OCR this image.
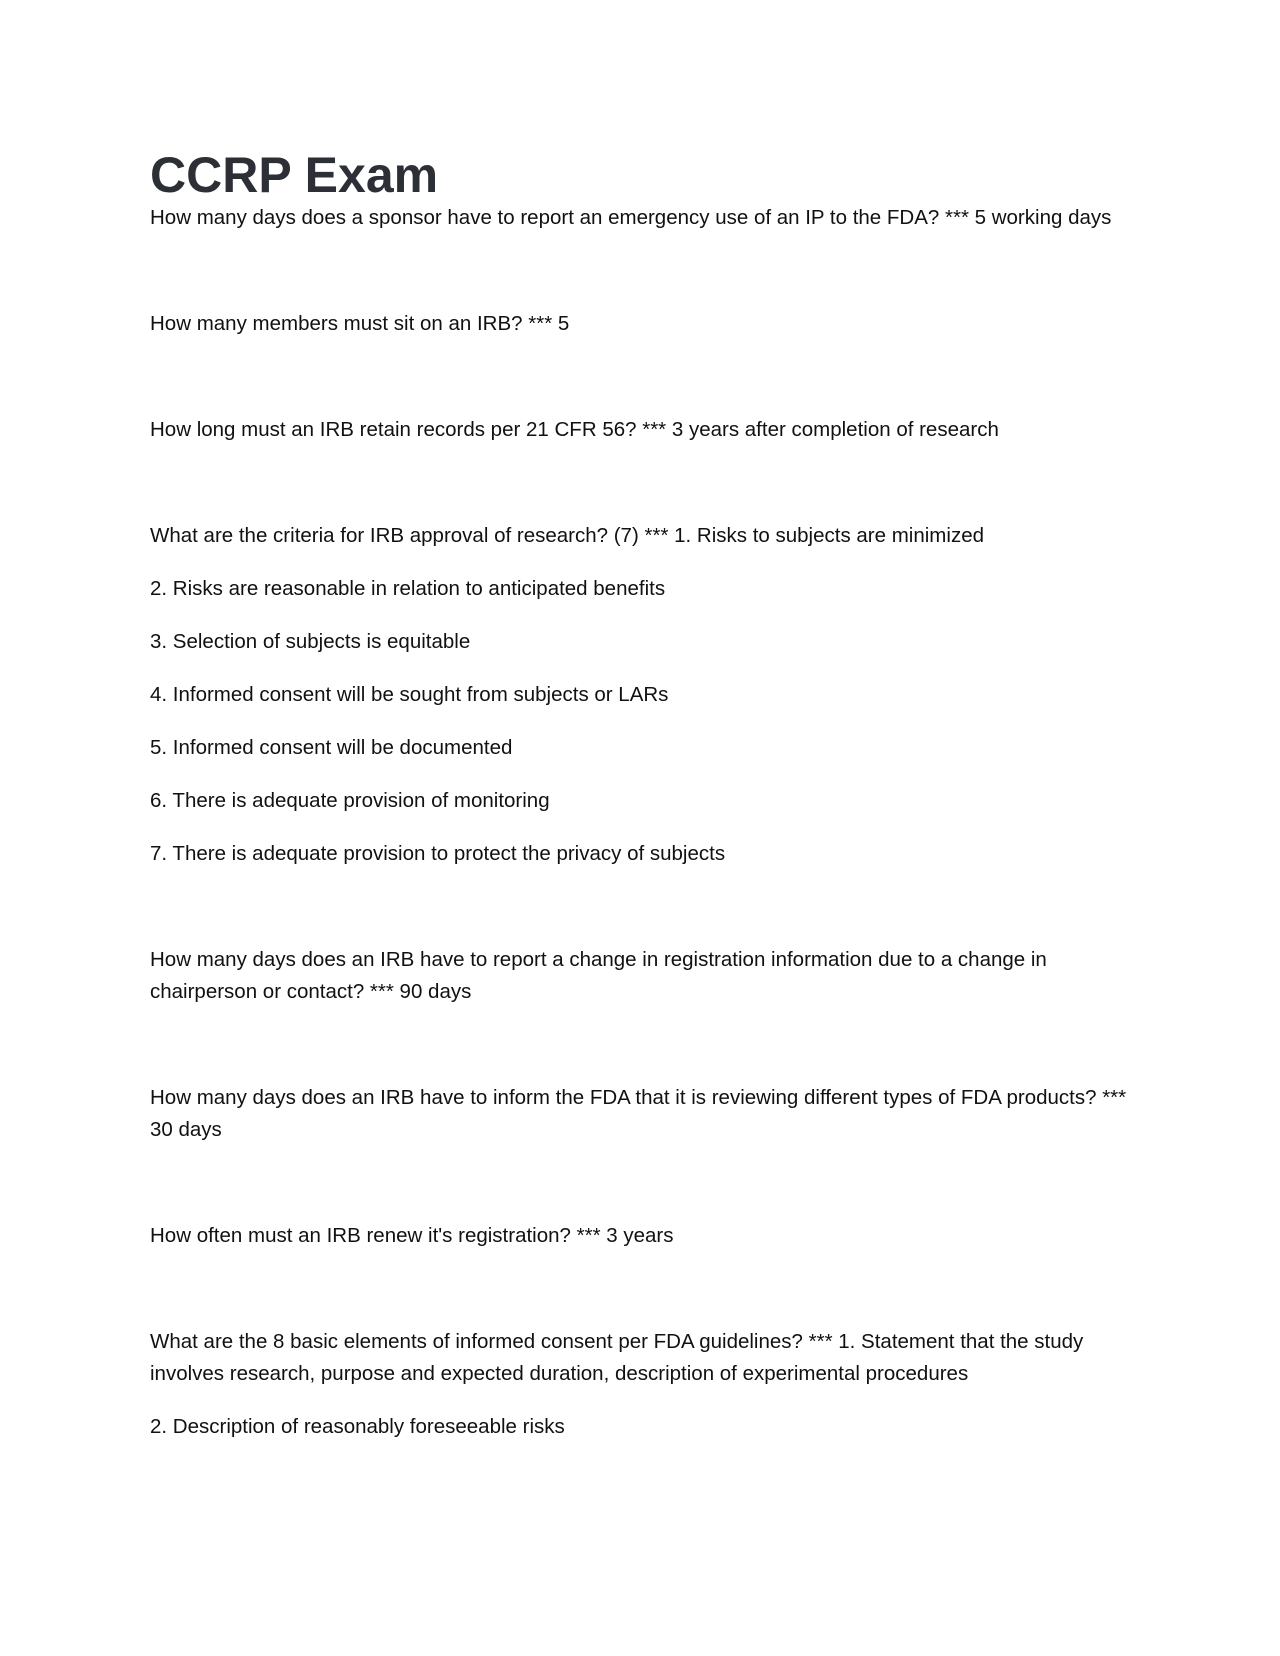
CCRP Exam

How many days does a sponsor have to report an emergency use of an IP to the FDA? *** 5 working days

How many members must sit on an IRB? *** 5

How long must an IRB retain records per 21 CFR 56? *** 3 years after completion of research

What are the criteria for IRB approval of research? (7) *** 1. Risks to subjects are minimized

2. Risks are reasonable in relation to anticipated benefits

3. Selection of subjects is equitable

4. Informed consent will be sought from subjects or LARs

5. Informed consent will be documented

6. There is adequate provision of monitoring

7. There is adequate provision to protect the privacy of subjects

How many days does an IRB have to report a change in registration information due to a change in chairperson or contact? *** 90 days

How many days does an IRB have to inform the FDA that it is reviewing different types of FDA products? *** 30 days

How often must an IRB renew it's registration? *** 3 years

What are the 8 basic elements of informed consent per FDA guidelines? *** 1. Statement that the study involves research, purpose and expected duration, description of experimental procedures

2. Description of reasonably foreseeable risks
